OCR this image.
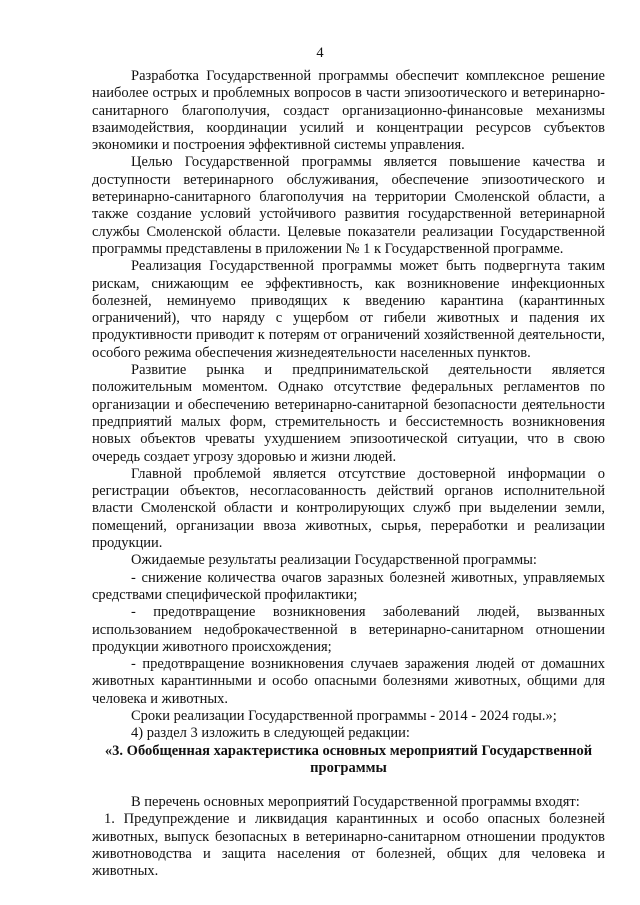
4

Разработка Государственной программы обеспечит комплексное решение наиболее острых и проблемных вопросов в части эпизоотического и ветеринарно-санитарного благополучия, создаст организационно-финансовые механизмы взаимодействия, координации усилий и концентрации ресурсов субъектов экономики и построения эффективной системы управления.

Целью Государственной программы является повышение качества и доступности ветеринарного обслуживания, обеспечение эпизоотического и ветеринарно-санитарного благополучия на территории Смоленской области, а также создание условий устойчивого развития государственной ветеринарной службы Смоленской области. Целевые показатели реализации Государственной программы представлены в приложении № 1 к Государственной программе.

Реализация Государственной программы может быть подвергнута таким рискам, снижающим ее эффективность, как возникновение инфекционных болезней, неминуемо приводящих к введению карантина (карантинных ограничений), что наряду с ущербом от гибели животных и падения их продуктивности приводит к потерям от ограничений хозяйственной деятельности, особого режима обеспечения жизнедеятельности населенных пунктов.

Развитие рынка и предпринимательской деятельности является положительным моментом. Однако отсутствие федеральных регламентов по организации и обеспечению ветеринарно-санитарной безопасности деятельности предприятий малых форм, стремительность и бессистемность возникновения новых объектов чреваты ухудшением эпизоотической ситуации, что в свою очередь создает угрозу здоровью и жизни людей.

Главной проблемой является отсутствие достоверной информации о регистрации объектов, несогласованность действий органов исполнительной власти Смоленской области и контролирующих служб при выделении земли, помещений, организации ввоза животных, сырья, переработки и реализации продукции.

Ожидаемые результаты реализации Государственной программы:

- снижение количества очагов заразных болезней животных, управляемых средствами специфической профилактики;

- предотвращение возникновения заболеваний людей, вызванных использованием недоброкачественной в ветеринарно-санитарном отношении продукции животного происхождения;

- предотвращение возникновения случаев заражения людей от домашних животных карантинными и особо опасными болезнями животных, общими для человека и животных.

Сроки реализации Государственной программы - 2014 - 2024 годы.»;

4) раздел 3 изложить в следующей редакции:

«3. Обобщенная характеристика основных мероприятий Государственной программы

В перечень основных мероприятий Государственной программы входят:

1. Предупреждение и ликвидация карантинных и особо опасных болезней животных, выпуск безопасных в ветеринарно-санитарном отношении продуктов животноводства и защита населения от болезней, общих для человека и животных.
